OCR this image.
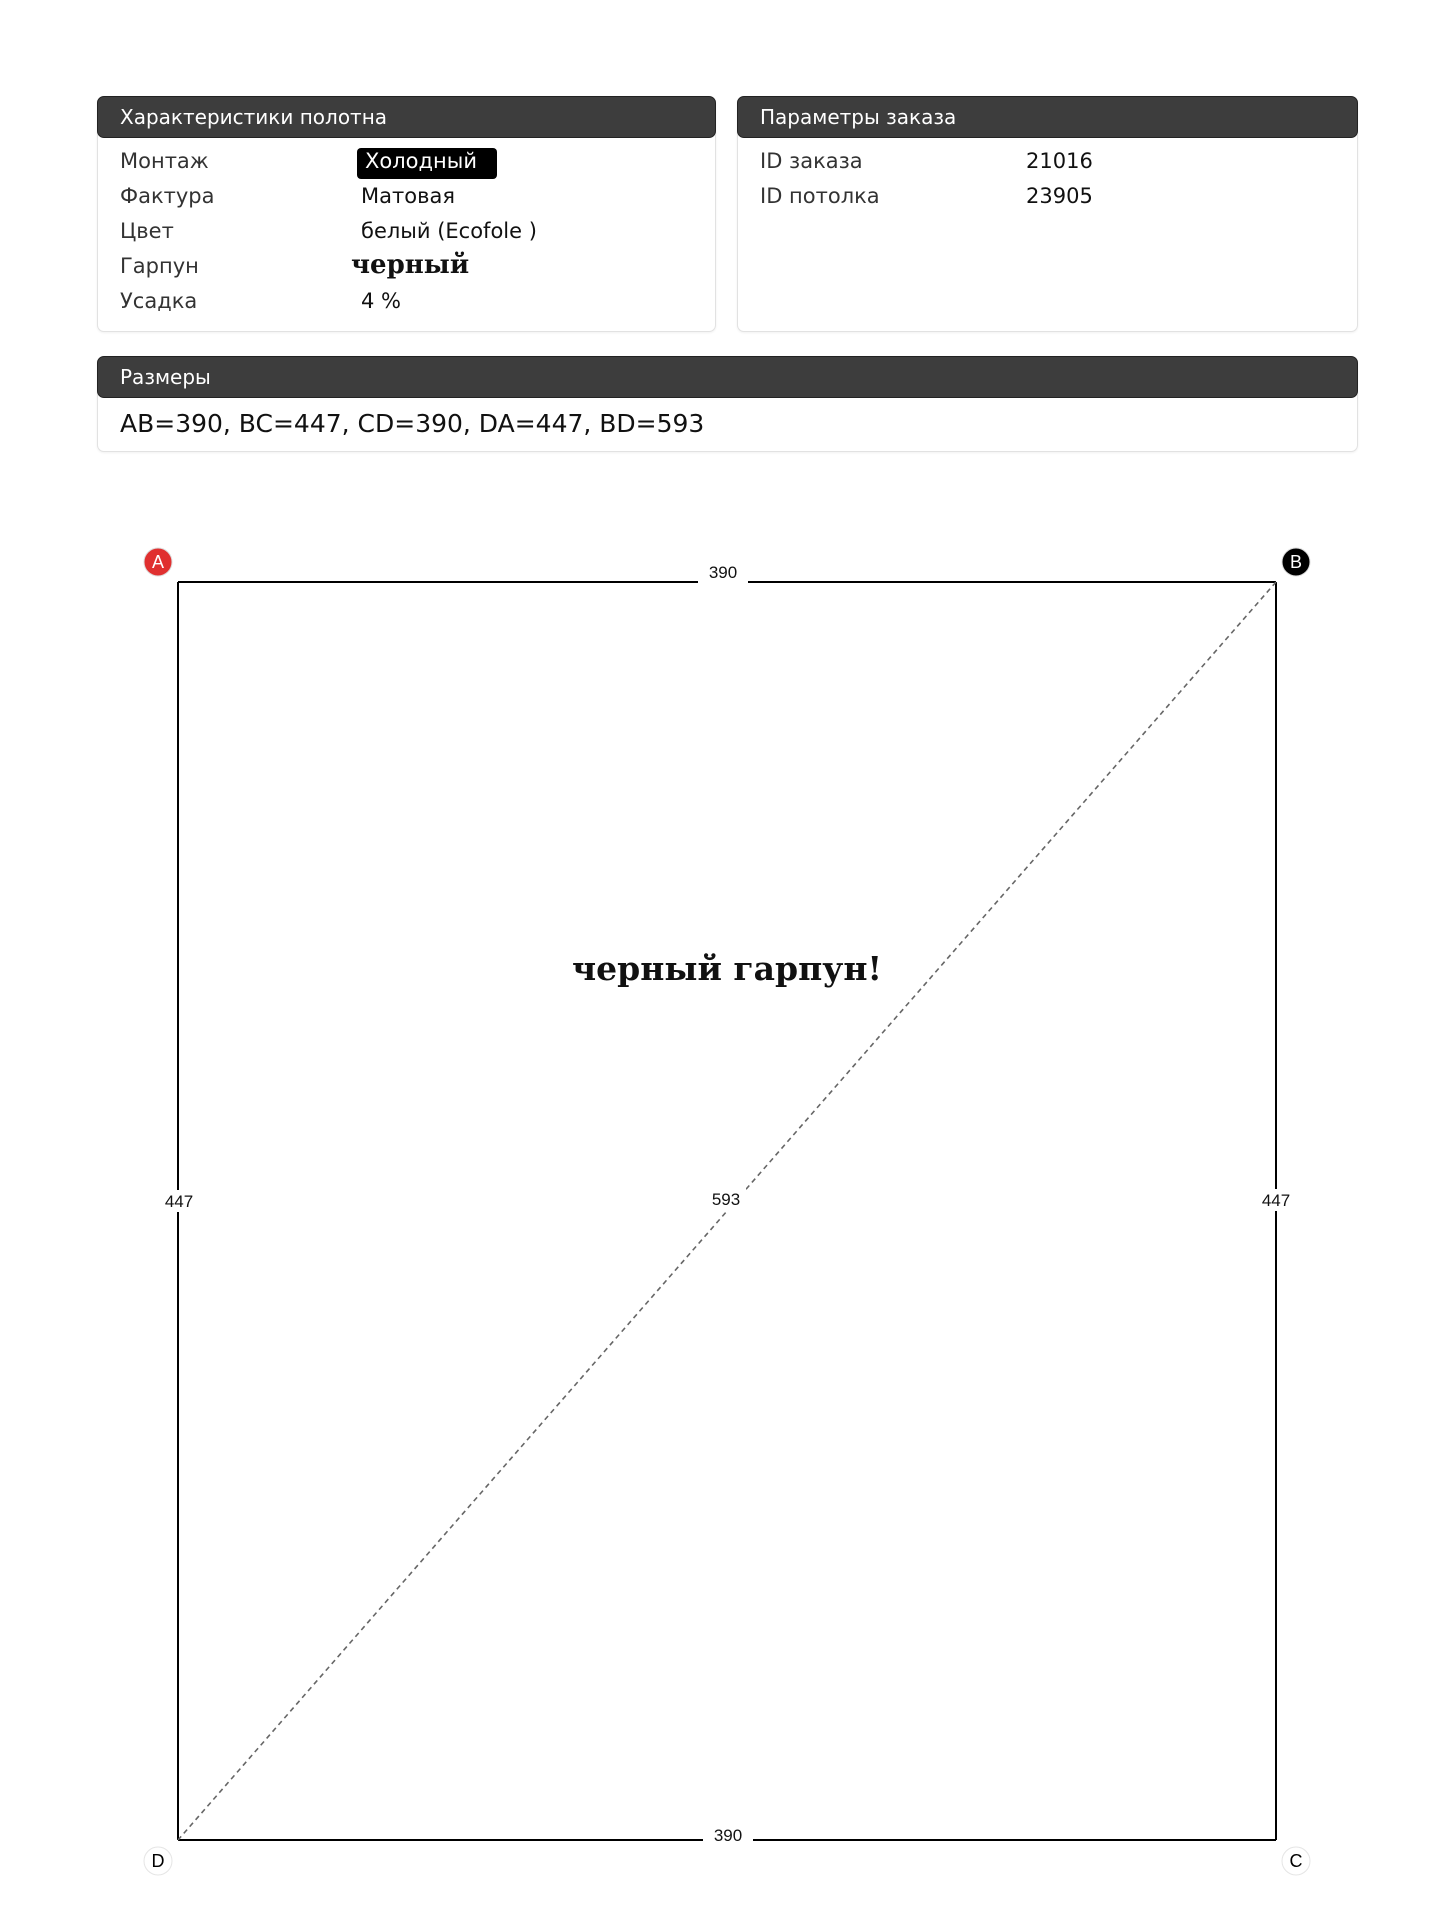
Характеристики полотна
Монтаж	Холодный
Фактура	Матовая
Цвет	белый (Ecofole )
Гарпун	черный
Усадка	4 %
Параметры заказа
ID заказа	21016
ID потолка	23905
Размеры
AB=390, BC=447, CD=390, DA=447, BD=593
390
390
447	447
593
черный гарпун!
A	B
C
D
